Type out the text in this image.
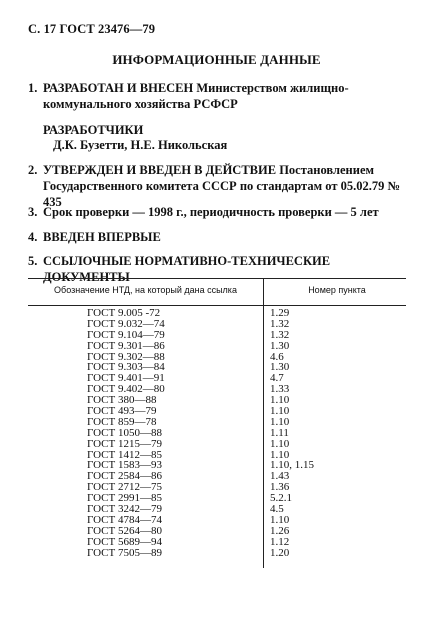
С. 17 ГОСТ 23476—79
ИНФОРМАЦИОННЫЕ ДАННЫЕ
1. РАЗРАБОТАН И ВНЕСЕН Министерством жилищно-коммунального хозяйства РСФСР
РАЗРАБОТЧИКИ
Д.К. Бузетти, Н.Е. Никольская
2. УТВЕРЖДЕН И ВВЕДЕН В ДЕЙСТВИЕ Постановлением Государственного комитета СССР по стандартам от 05.02.79 № 435
3. Срок проверки — 1998 г., периодичность проверки — 5 лет
4. ВВЕДЕН ВПЕРВЫЕ
5. ССЫЛОЧНЫЕ НОРМАТИВНО-ТЕХНИЧЕСКИЕ ДОКУМЕНТЫ
Обозначение НТД, на который дана ссылка	Номер пункта
ГОСТ 9.005 -72	1.29
ГОСТ 9.032—74	1.32
ГОСТ 9.104—79	1.32
ГОСТ 9.301—86	1.30
ГОСТ 9.302—88	4.6
ГОСТ 9.303—84	1.30
ГОСТ 9.401—91	4.7
ГОСТ 9.402—80	1.33
ГОСТ 380—88	1.10
ГОСТ 493—79	1.10
ГОСТ 859—78	1.10
ГОСТ 1050—88	1.11
ГОСТ 1215—79	1.10
ГОСТ 1412—85	1.10
ГОСТ 1583—93	1.10, 1.15
ГОСТ 2584—86	1.43
ГОСТ 2712—75	1.36
ГОСТ 2991—85	5.2.1
ГОСТ 3242—79	4.5
ГОСТ 4784—74	1.10
ГОСТ 5264—80	1.26
ГОСТ 5689—94	1.12
ГОСТ 7505—89	1.20
